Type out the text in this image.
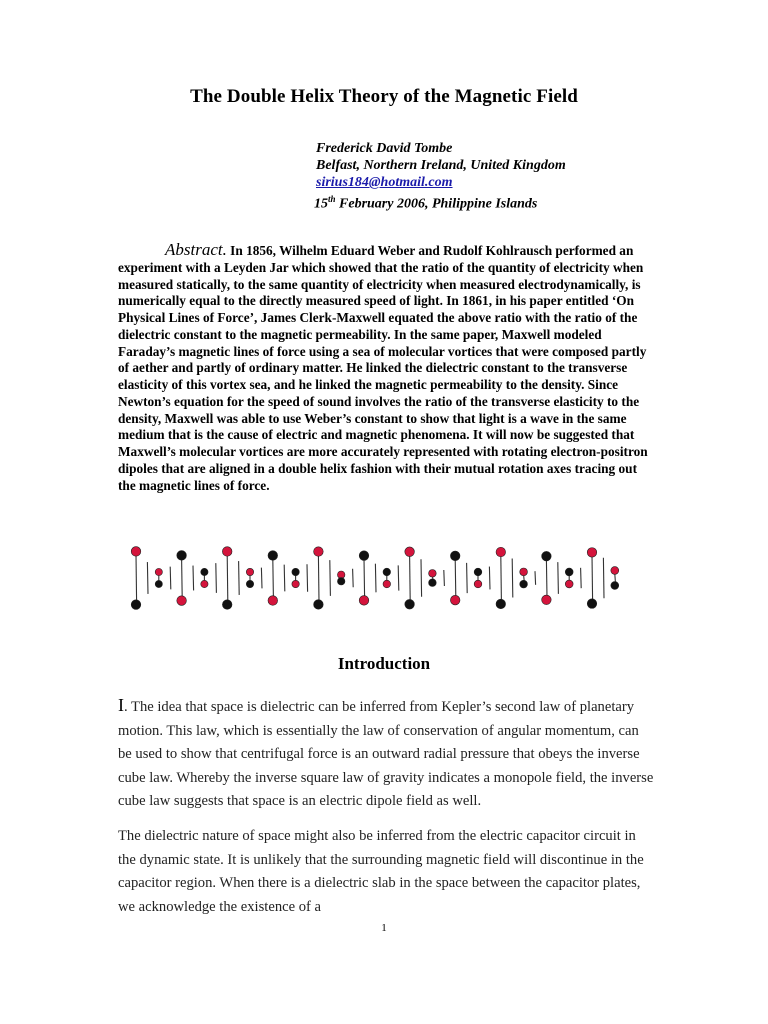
The Double Helix Theory of the Magnetic Field
Frederick David Tombe
Belfast, Northern Ireland, United Kingdom
sirius184@hotmail.com
15th February 2006, Philippine Islands
Abstract. In 1856, Wilhelm Eduard Weber and Rudolf Kohlrausch performed an experiment with a Leyden Jar which showed that the ratio of the quantity of electricity when measured statically, to the same quantity of electricity when measured electrodynamically, is numerically equal to the directly measured speed of light. In 1861, in his paper entitled ‘On Physical Lines of Force’, James Clerk-Maxwell equated the above ratio with the ratio of the dielectric constant to the magnetic permeability. In the same paper, Maxwell modeled Faraday’s magnetic lines of force using a sea of molecular vortices that were composed partly of aether and partly of ordinary matter. He linked the dielectric constant to the transverse elasticity of this vortex sea, and he linked the magnetic permeability to the density. Since Newton’s equation for the speed of sound involves the ratio of the transverse elasticity to the density, Maxwell was able to use Weber’s constant to show that light is a wave in the same medium that is the cause of electric and magnetic phenomena. It will now be suggested that Maxwell’s molecular vortices are more accurately represented with rotating electron-positron dipoles that are aligned in a double helix fashion with their mutual rotation axes tracing out the magnetic lines of force.
Introduction
I. The idea that space is dielectric can be inferred from Kepler’s second law of planetary motion. This law, which is essentially the law of conservation of angular momentum, can be used to show that centrifugal force is an outward radial pressure that obeys the inverse cube law. Whereby the inverse square law of gravity indicates a monopole field, the inverse cube law suggests that space is an electric dipole field as well.
The dielectric nature of space might also be inferred from the electric capacitor circuit in the dynamic state. It is unlikely that the surrounding magnetic field will discontinue in the capacitor region. When there is a dielectric slab in the space between the capacitor plates, we acknowledge the existence of a
1
